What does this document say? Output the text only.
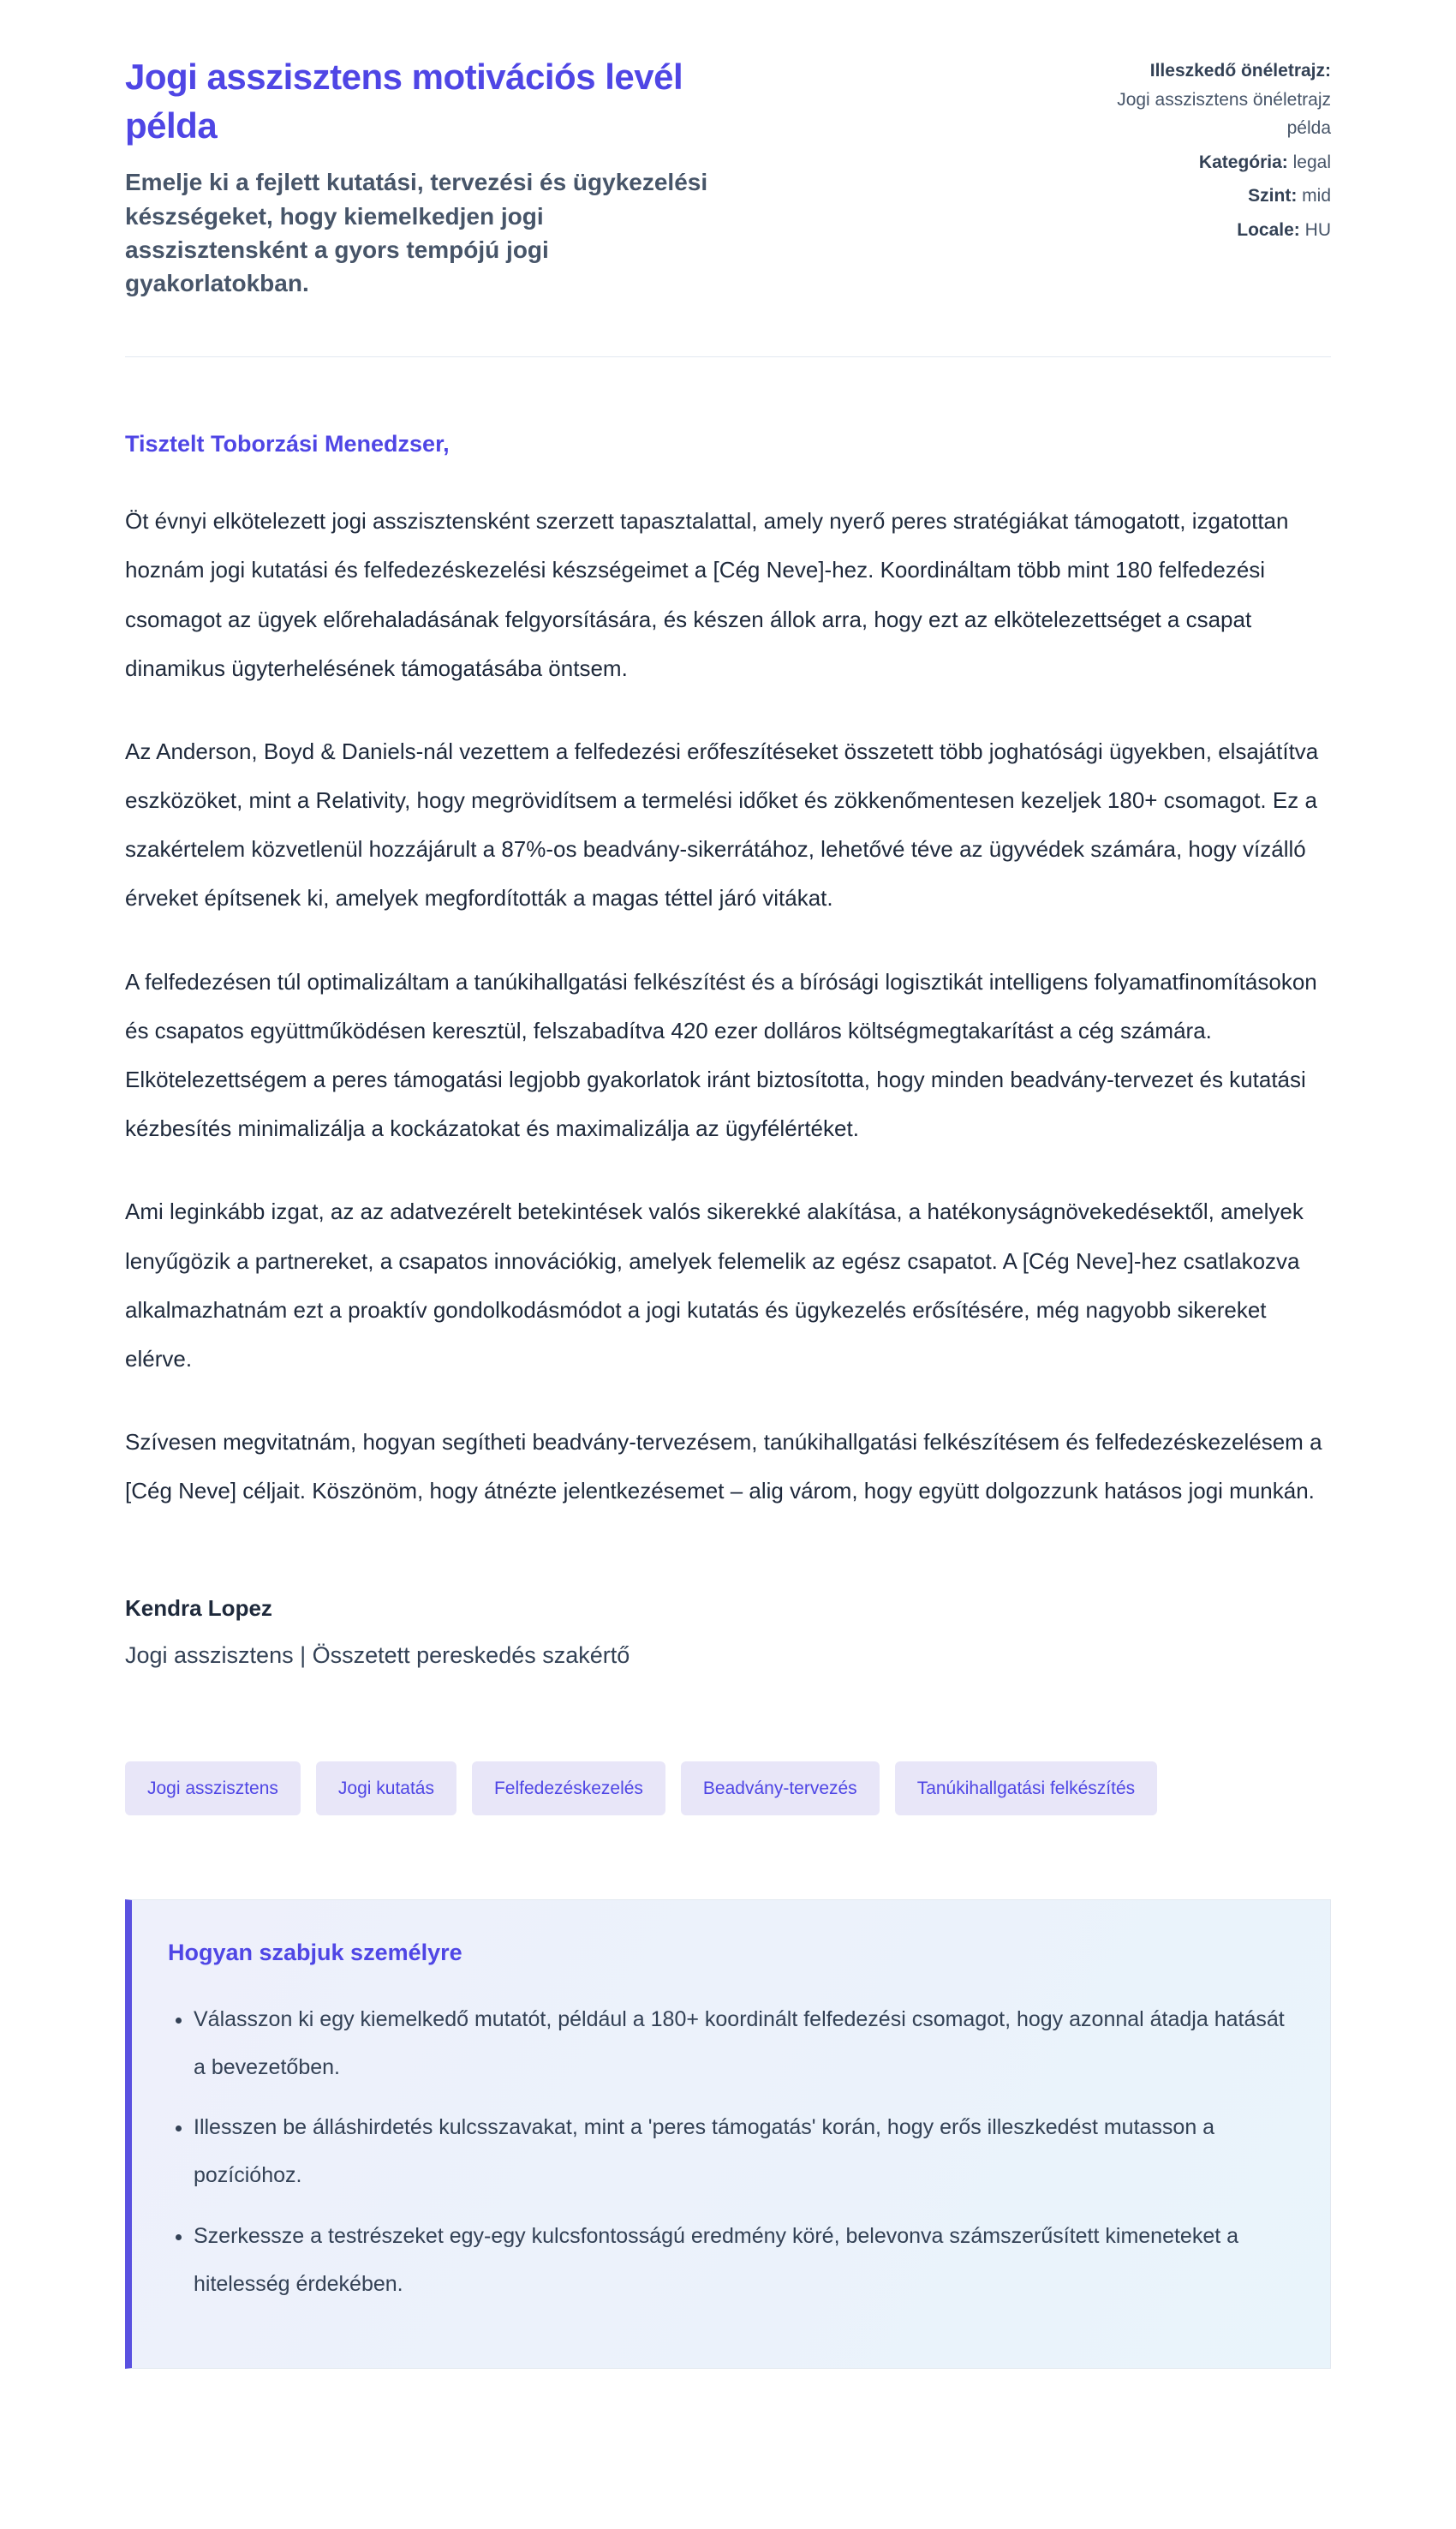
Jogi asszisztens motivációs levél példa

Emelje ki a fejlett kutatási, tervezési és ügykezelési készségeket, hogy kiemelkedjen jogi asszisztensként a gyors tempójú jogi gyakorlatokban.

Illeszkedő önéletrajz:
Jogi asszisztens önéletrajz példa
Kategória: legal
Szint: mid
Locale: HU

Tisztelt Toborzási Menedzser,

Öt évnyi elkötelezett jogi asszisztensként szerzett tapasztalattal, amely nyerő peres stratégiákat támogatott, izgatottan hoznám jogi kutatási és felfedezéskezelési készségeimet a [Cég Neve]-hez. Koordináltam több mint 180 felfedezési csomagot az ügyek előrehaladásának felgyorsítására, és készen állok arra, hogy ezt az elkötelezettséget a csapat dinamikus ügyterhelésének támogatásába öntsem.

Az Anderson, Boyd & Daniels-nál vezettem a felfedezési erőfeszítéseket összetett több joghatósági ügyekben, elsajátítva eszközöket, mint a Relativity, hogy megrövidítsem a termelési időket és zökkenőmentesen kezeljek 180+ csomagot. Ez a szakértelem közvetlenül hozzájárult a 87%-os beadvány-sikerrátához, lehetővé téve az ügyvédek számára, hogy vízálló érveket építsenek ki, amelyek megfordították a magas téttel járó vitákat.

A felfedezésen túl optimalizáltam a tanúkihallgatási felkészítést és a bírósági logisztikát intelligens folyamatfinomításokon és csapatos együttműködésen keresztül, felszabadítva 420 ezer dolláros költségmegtakarítást a cég számára. Elkötelezettségem a peres támogatási legjobb gyakorlatok iránt biztosította, hogy minden beadvány-tervezet és kutatási kézbesítés minimalizálja a kockázatokat és maximalizálja az ügyfélértéket.

Ami leginkább izgat, az az adatvezérelt betekintések valós sikerekké alakítása, a hatékonyságnövekedésektől, amelyek lenyűgözik a partnereket, a csapatos innovációkig, amelyek felemelik az egész csapatot. A [Cég Neve]-hez csatlakozva alkalmazhatnám ezt a proaktív gondolkodásmódot a jogi kutatás és ügykezelés erősítésére, még nagyobb sikereket elérve.

Szívesen megvitatnám, hogyan segítheti beadvány-tervezésem, tanúkihallgatási felkészítésem és felfedezéskezelésem a [Cég Neve] céljait. Köszönöm, hogy átnézte jelentkezésemet – alig várom, hogy együtt dolgozzunk hatásos jogi munkán.

Kendra Lopez
Jogi asszisztens | Összetett pereskedés szakértő
Jogi asszisztens	Jogi kutatás	Felfedezéskezelés	Beadvány-tervezés	Tanúkihallgatási felkészítés
Hogyan szabjuk személyre
• Válasszon ki egy kiemelkedő mutatót, például a 180+ koordinált felfedezési csomagot, hogy azonnal átadja hatását a bevezetőben.
• Illesszen be álláshirdetés kulcsszavakat, mint a 'peres támogatás' korán, hogy erős illeszkedést mutasson a pozícióhoz.
• Szerkessze a testrészeket egy-egy kulcsfontosságú eredmény köré, belevonva számszerűsített kimeneteket a hitelesség érdekében.
